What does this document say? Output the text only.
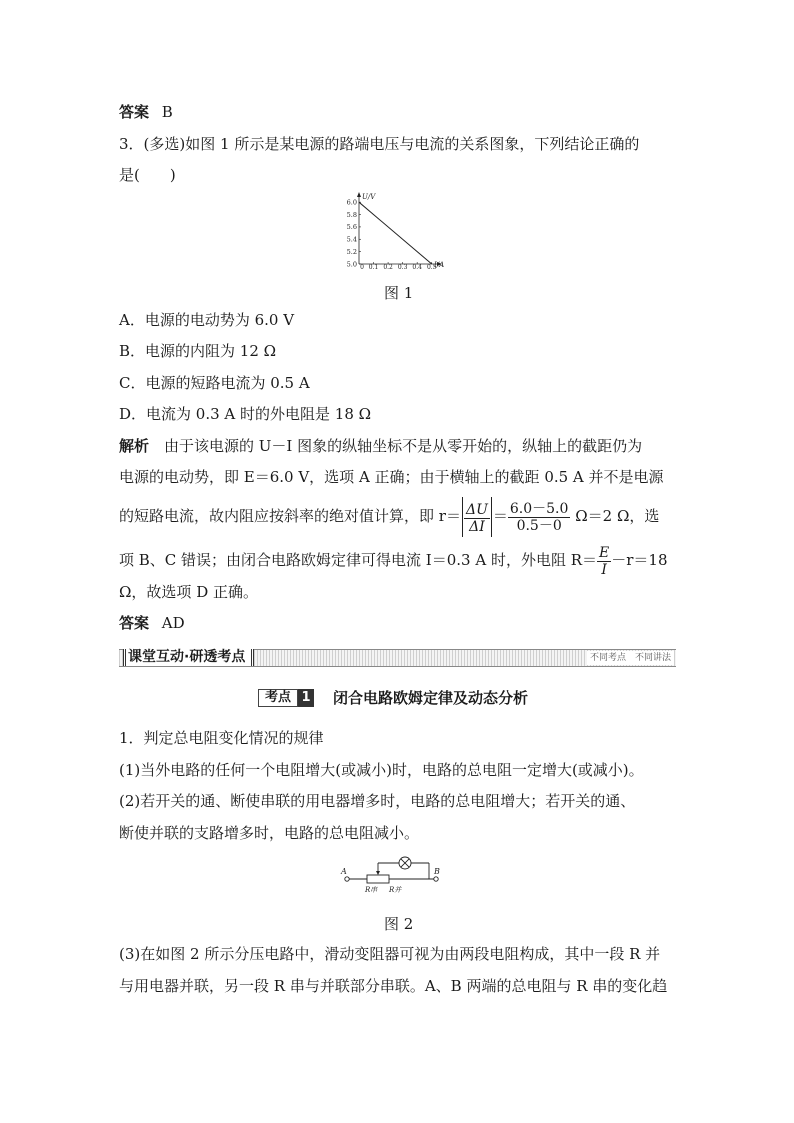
答案 B
3．(多选)如图 1 所示是某电源的路端电压与电流的关系图象，下列结论正确的
是(　　)
U/V
I/A
6.0
5.8
5.6
5.4
5.2
5.0 0 0.1 0.2 0.3 0.4 0.5
图 1
A．电源的电动势为 6.0 V
B．电源的内阻为 12 Ω
C．电源的短路电流为 0.5 A
D．电流为 0.3 A 时的外电阻是 18 Ω
解析　由于该电源的 U－I 图象的纵轴坐标不是从零开始的，纵轴上的截距仍为
电源的电动势，即 E＝6.0 V，选项 A 正确；由于横轴上的截距 0.5 A 并不是电源
的短路电流，故内阻应按斜率的绝对值计算，即 $r= \frac{\Delta U}{\Delta I} = \frac{6.0-5.0}{0.5-0} \Omega=2$ Ω，选
项 B、C 错误；由闭合电路欧姆定律可得电流 I＝0.3 A 时，外电阻 $R= \frac{E}{I} -r=18$
Ω，故选项 D 正确。
答案 AD
课堂互动·研透考点	不同考点　不同讲法
考点 1 闭合电路欧姆定律及动态分析
1．判定总电阻变化情况的规律
(1)当外电路的任何一个电阻增大(或减小)时，电路的总电阻一定增大(或减小)。
(2)若开关的通、断使串联的用电器增多时，电路的总电阻增大；若开关的通、
断使并联的支路增多时，电路的总电阻减小。
A	B
R串 R并
图 2
(3)在如图 2 所示分压电路中，滑动变阻器可视为由两段电阻构成，其中一段 R 并
与用电器并联，另一段 R 串与并联部分串联。A、B 两端的总电阻与 R 串的变化趋
